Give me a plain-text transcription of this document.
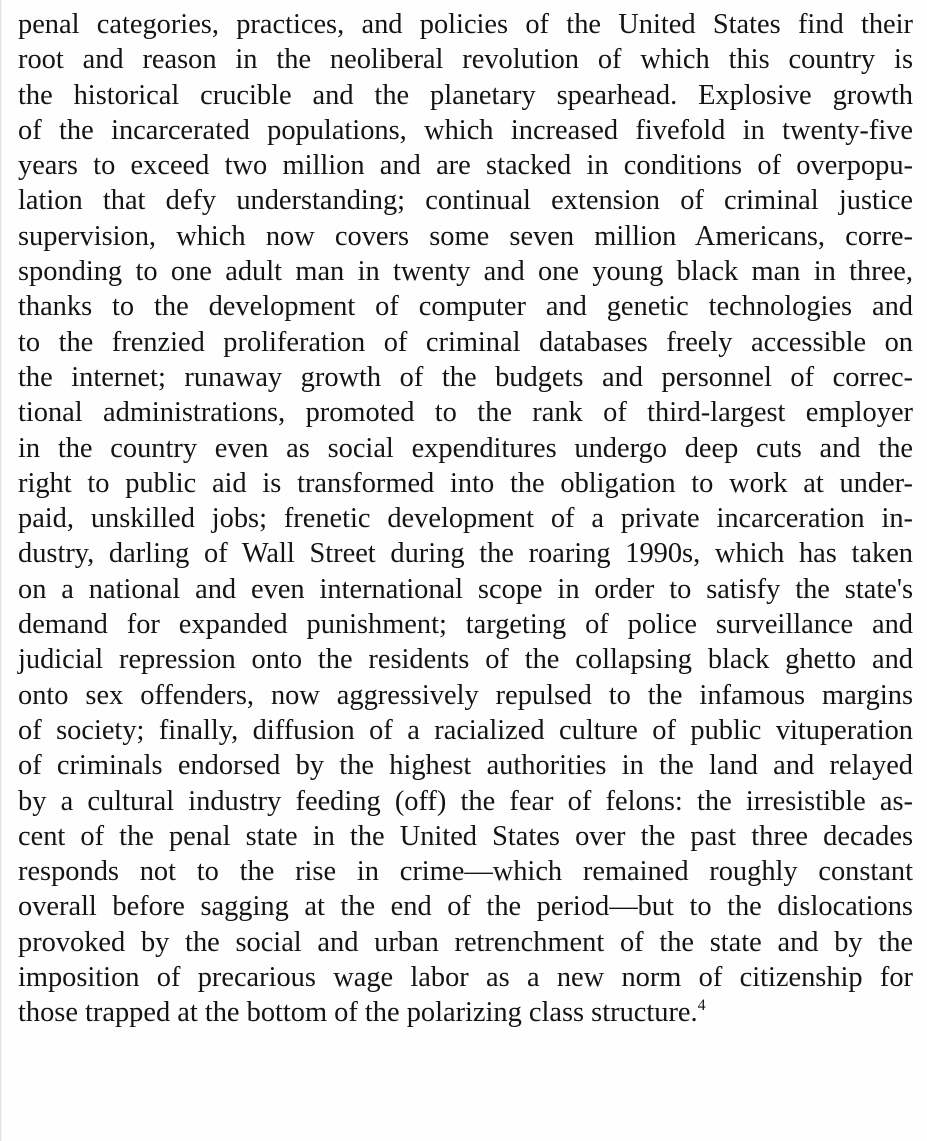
penal categories, practices, and policies of the United States find their
root and reason in the neoliberal revolution of which this country is
the historical crucible and the planetary spearhead. Explosive growth
of the incarcerated populations, which increased fivefold in twenty-five
years to exceed two million and are stacked in conditions of overpopu-
lation that defy understanding; continual extension of criminal justice
supervision, which now covers some seven million Americans, corre-
sponding to one adult man in twenty and one young black man in three,
thanks to the development of computer and genetic technologies and
to the frenzied proliferation of criminal databases freely accessible on
the internet; runaway growth of the budgets and personnel of correc-
tional administrations, promoted to the rank of third-largest employer
in the country even as social expenditures undergo deep cuts and the
right to public aid is transformed into the obligation to work at under-
paid, unskilled jobs; frenetic development of a private incarceration in-
dustry, darling of Wall Street during the roaring 1990s, which has taken
on a national and even international scope in order to satisfy the state's
demand for expanded punishment; targeting of police surveillance and
judicial repression onto the residents of the collapsing black ghetto and
onto sex offenders, now aggressively repulsed to the infamous margins
of society; finally, diffusion of a racialized culture of public vituperation
of criminals endorsed by the highest authorities in the land and relayed
by a cultural industry feeding (off) the fear of felons: the irresistible as-
cent of the penal state in the United States over the past three decades
responds not to the rise in crime—which remained roughly constant
overall before sagging at the end of the period—but to the dislocations
provoked by the social and urban retrenchment of the state and by the
imposition of precarious wage labor as a new norm of citizenship for
those trapped at the bottom of the polarizing class structure.$^4$
